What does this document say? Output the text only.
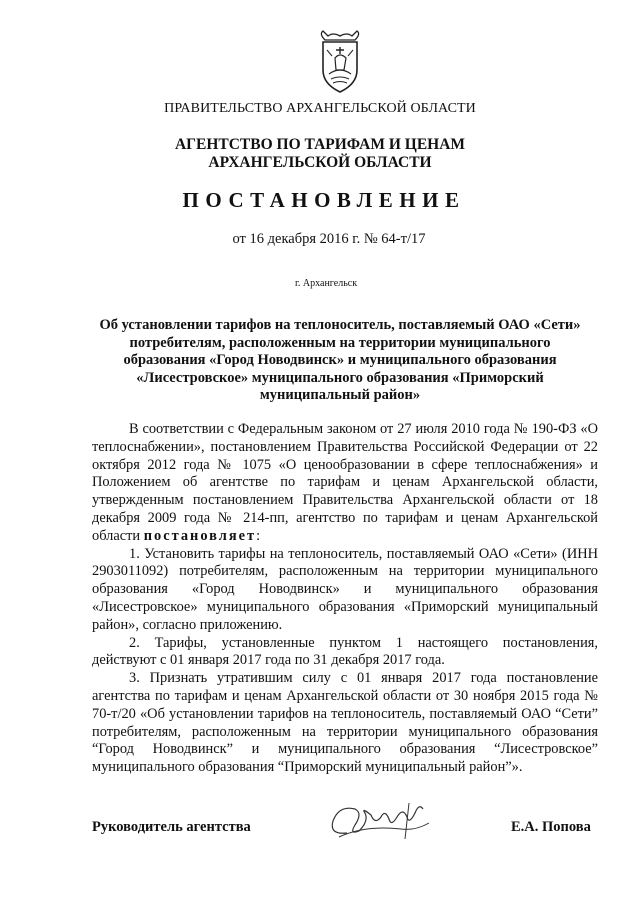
ПРАВИТЕЛЬСТВО АРХАНГЕЛЬСКОЙ ОБЛАСТИ
АГЕНТСТВО ПО ТАРИФАМ И ЦЕНАМ
АРХАНГЕЛЬСКОЙ ОБЛАСТИ
ПОСТАНОВЛЕНИЕ
от 16 декабря 2016 г. № 64-т/17
г. Архангельск
Об установлении тарифов на теплоноситель, поставляемый ОАО «Сети» потребителям, расположенным на территории муниципального образования «Город Новодвинск» и муниципального образования «Лисестровское» муниципального образования «Приморский муниципальный район»

В соответствии с Федеральным законом от 27 июля 2010 года № 190-ФЗ «О теплоснабжении», постановлением Правительства Российской Федерации от 22 октября 2012 года № 1075 «О ценообразовании в сфере теплоснабжения» и Положением об агентстве по тарифам и ценам Архангельской области, утвержденным постановлением Правительства Архангельской области от 18 декабря 2009 года № 214-пп, агентство по тарифам и ценам Архангельской области постановляет:

1. Установить тарифы на теплоноситель, поставляемый ОАО «Сети» (ИНН 2903011092) потребителям, расположенным на территории муниципального образования «Город Новодвинск» и муниципального образования «Лисестровское» муниципального образования «Приморский муниципальный район», согласно приложению.

2. Тарифы, установленные пунктом 1 настоящего постановления, действуют с 01 января 2017 года по 31 декабря 2017 года.

3. Признать утратившим силу с 01 января 2017 года постановление агентства по тарифам и ценам Архангельской области от 30 ноября 2015 года № 70-т/20 «Об установлении тарифов на теплоноситель, поставляемый ОАО “Сети” потребителям, расположенным на территории муниципального образования “Город Новодвинск” и муниципального образования “Лисестровское” муниципального образования “Приморский муниципальный район”».

Руководитель агентства	Е.А. Попова
